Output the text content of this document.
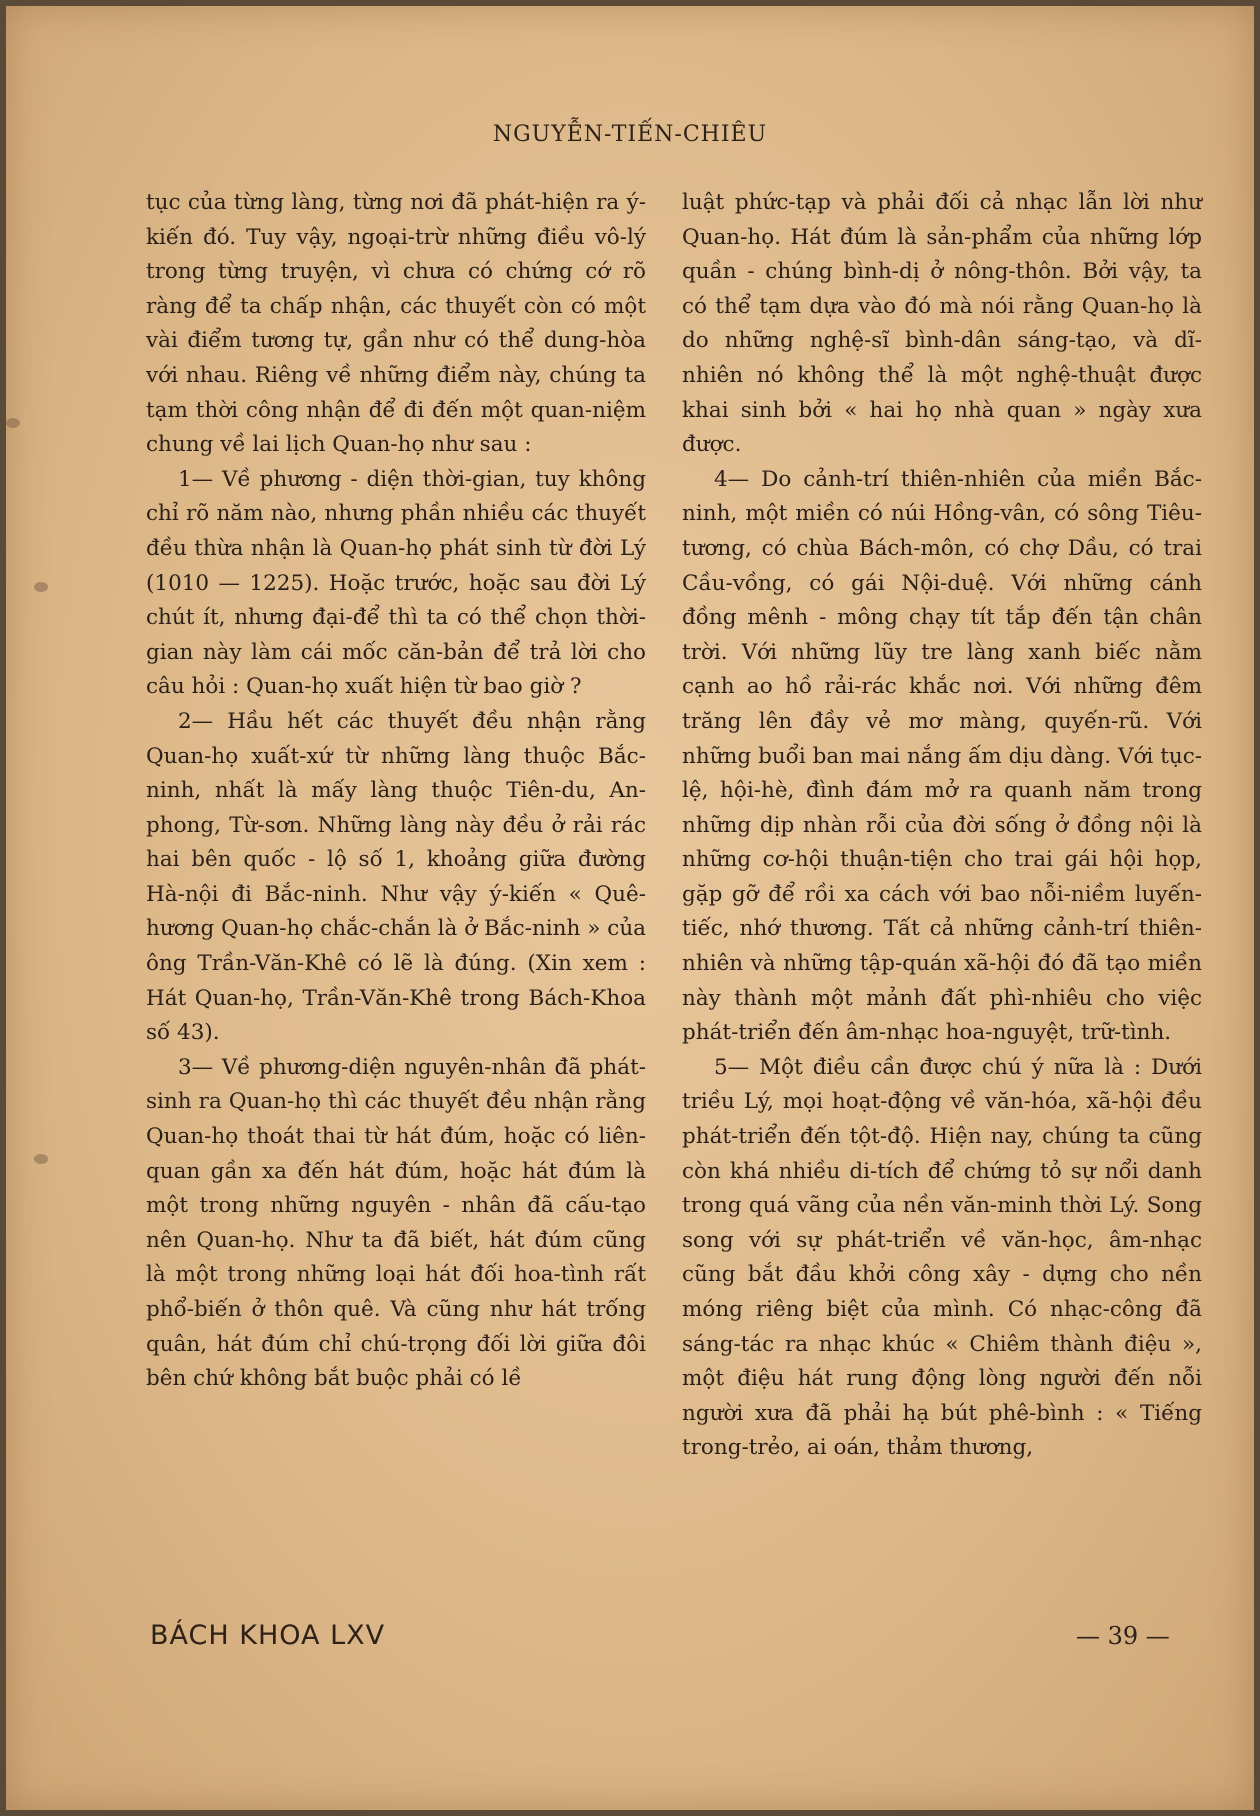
NGUYỄN-TIẾN-CHIÊU

tục của từng làng, từng nơi đã phát-hiện ra ý-kiến đó. Tuy vậy, ngoại-trừ những điều vô-lý trong từng truyện, vì chưa có chứng cớ rõ ràng để ta chấp nhận, các thuyết còn có một vài điểm tương tự, gần như có thể dung-hòa với nhau. Riêng về những điểm này, chúng ta tạm thời công nhận để đi đến một quan-niệm chung về lai lịch Quan-họ như sau :

1— Về phương - diện thời-gian, tuy không chỉ rõ năm nào, nhưng phần nhiều các thuyết đều thừa nhận là Quan-họ phát sinh từ đời Lý (1010 — 1225). Hoặc trước, hoặc sau đời Lý chút ít, nhưng đại-để thì ta có thể chọn thời-gian này làm cái mốc căn-bản để trả lời cho câu hỏi : Quan-họ xuất hiện từ bao giờ ?

2— Hầu hết các thuyết đều nhận rằng Quan-họ xuất-xứ từ những làng thuộc Bắc-ninh, nhất là mấy làng thuộc Tiên-du, An-phong, Từ-sơn. Những làng này đều ở rải rác hai bên quốc - lộ số 1, khoảng giữa đường Hà-nội đi Bắc-ninh. Như vậy ý-kiến « Quê-hương Quan-họ chắc-chắn là ở Bắc-ninh » của ông Trần-Văn-Khê có lẽ là đúng. (Xin xem : Hát Quan-họ, Trần-Văn-Khê trong Bách-Khoa số 43).

3— Về phương-diện nguyên-nhân đã phát-sinh ra Quan-họ thì các thuyết đều nhận rằng Quan-họ thoát thai từ hát đúm, hoặc có liên-quan gần xa đến hát đúm, hoặc hát đúm là một trong những nguyên - nhân đã cấu-tạo nên Quan-họ. Như ta đã biết, hát đúm cũng là một trong những loại hát đối hoa-tình rất phổ-biến ở thôn quê. Và cũng như hát trống quân, hát đúm chỉ chú-trọng đối lời giữa đôi bên chứ không bắt buộc phải có lề

luật phức-tạp và phải đối cả nhạc lẫn lời như Quan-họ. Hát đúm là sản-phẩm của những lớp quần - chúng bình-dị ở nông-thôn. Bởi vậy, ta có thể tạm dựa vào đó mà nói rằng Quan-họ là do những nghệ-sĩ bình-dân sáng-tạo, và dĩ-nhiên nó không thể là một nghệ-thuật được khai sinh bởi « hai họ nhà quan » ngày xưa được.

4— Do cảnh-trí thiên-nhiên của miền Bắc-ninh, một miền có núi Hồng-vân, có sông Tiêu-tương, có chùa Bách-môn, có chợ Dầu, có trai Cầu-vồng, có gái Nội-duệ. Với những cánh đồng mênh - mông chạy tít tắp đến tận chân trời. Với những lũy tre làng xanh biếc nằm cạnh ao hồ rải-rác khắc nơi. Với những đêm trăng lên đầy vẻ mơ màng, quyến-rũ. Với những buổi ban mai nắng ấm dịu dàng. Với tục-lệ, hội-hè, đình đám mở ra quanh năm trong những dịp nhàn rỗi của đời sống ở đồng nội là những cơ-hội thuận-tiện cho trai gái hội họp, gặp gỡ để rồi xa cách với bao nỗi-niềm luyến-tiếc, nhớ thương. Tất cả những cảnh-trí thiên-nhiên và những tập-quán xã-hội đó đã tạo miền này thành một mảnh đất phì-nhiêu cho việc phát-triển đến âm-nhạc hoa-nguyệt, trữ-tình.

5— Một điều cần được chú ý nữa là : Dưới triều Lý, mọi hoạt-động về văn-hóa, xã-hội đều phát-triển đến tột-độ. Hiện nay, chúng ta cũng còn khá nhiều di-tích để chứng tỏ sự nổi danh trong quá vãng của nền văn-minh thời Lý. Song song với sự phát-triển về văn-học, âm-nhạc cũng bắt đầu khởi công xây - dựng cho nền móng riêng biệt của mình. Có nhạc-công đã sáng-tác ra nhạc khúc « Chiêm thành điệu », một điệu hát rung động lòng người đến nỗi người xưa đã phải hạ bút phê-bình : « Tiếng trong-trẻo, ai oán, thảm thương,

BÁCH KHOA LXV	— 39 —
